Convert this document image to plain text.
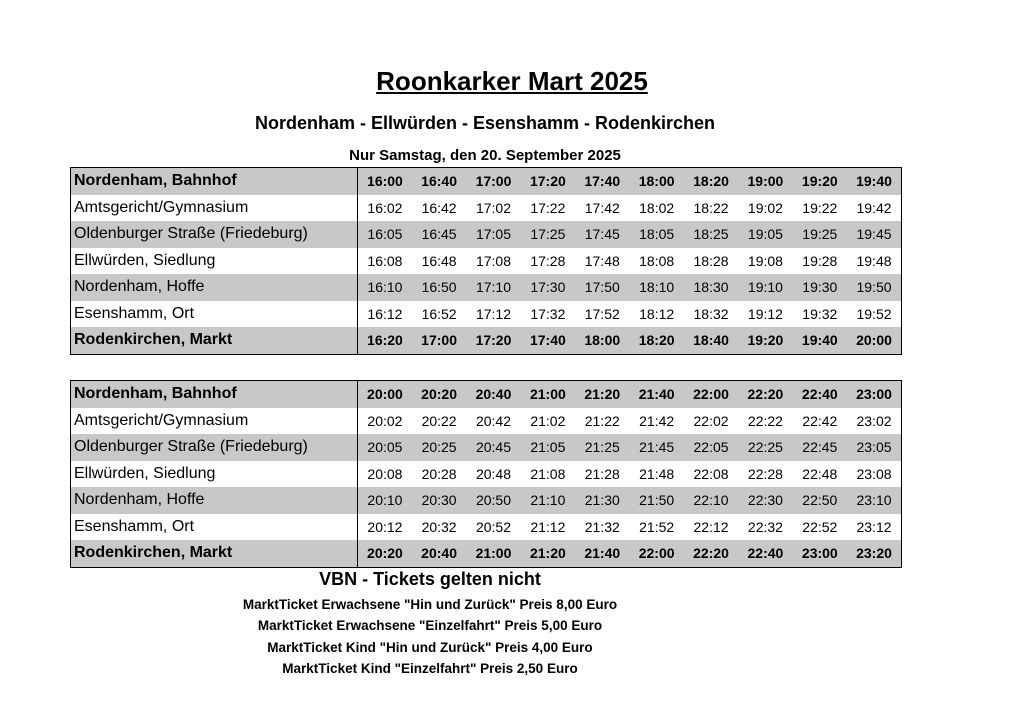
Roonkarker Mart 2025
Nordenham - Ellwürden - Esenshamm - Rodenkirchen
Nur Samstag, den 20. September 2025
Nordenham, Bahnhof	16:00	16:40	17:00	17:20	17:40	18:00	18:20	19:00	19:20	19:40
Amtsgericht/Gymnasium	16:02	16:42	17:02	17:22	17:42	18:02	18:22	19:02	19:22	19:42
Oldenburger Straße (Friedeburg)	16:05	16:45	17:05	17:25	17:45	18:05	18:25	19:05	19:25	19:45
Ellwürden, Siedlung	16:08	16:48	17:08	17:28	17:48	18:08	18:28	19:08	19:28	19:48
Nordenham, Hoffe	16:10	16:50	17:10	17:30	17:50	18:10	18:30	19:10	19:30	19:50
Esenshamm, Ort	16:12	16:52	17:12	17:32	17:52	18:12	18:32	19:12	19:32	19:52
Rodenkirchen, Markt	16:20	17:00	17:20	17:40	18:00	18:20	18:40	19:20	19:40	20:00
Nordenham, Bahnhof	20:00	20:20	20:40	21:00	21:20	21:40	22:00	22:20	22:40	23:00
Amtsgericht/Gymnasium	20:02	20:22	20:42	21:02	21:22	21:42	22:02	22:22	22:42	23:02
Oldenburger Straße (Friedeburg)	20:05	20:25	20:45	21:05	21:25	21:45	22:05	22:25	22:45	23:05
Ellwürden, Siedlung	20:08	20:28	20:48	21:08	21:28	21:48	22:08	22:28	22:48	23:08
Nordenham, Hoffe	20:10	20:30	20:50	21:10	21:30	21:50	22:10	22:30	22:50	23:10
Esenshamm, Ort	20:12	20:32	20:52	21:12	21:32	21:52	22:12	22:32	22:52	23:12
Rodenkirchen, Markt	20:20	20:40	21:00	21:20	21:40	22:00	22:20	22:40	23:00	23:20
VBN - Tickets gelten nicht
MarktTicket Erwachsene "Hin und Zurück" Preis 8,00 Euro
MarktTicket Erwachsene "Einzelfahrt" Preis 5,00 Euro
MarktTicket Kind "Hin und Zurück" Preis 4,00 Euro
MarktTicket Kind "Einzelfahrt" Preis 2,50 Euro
